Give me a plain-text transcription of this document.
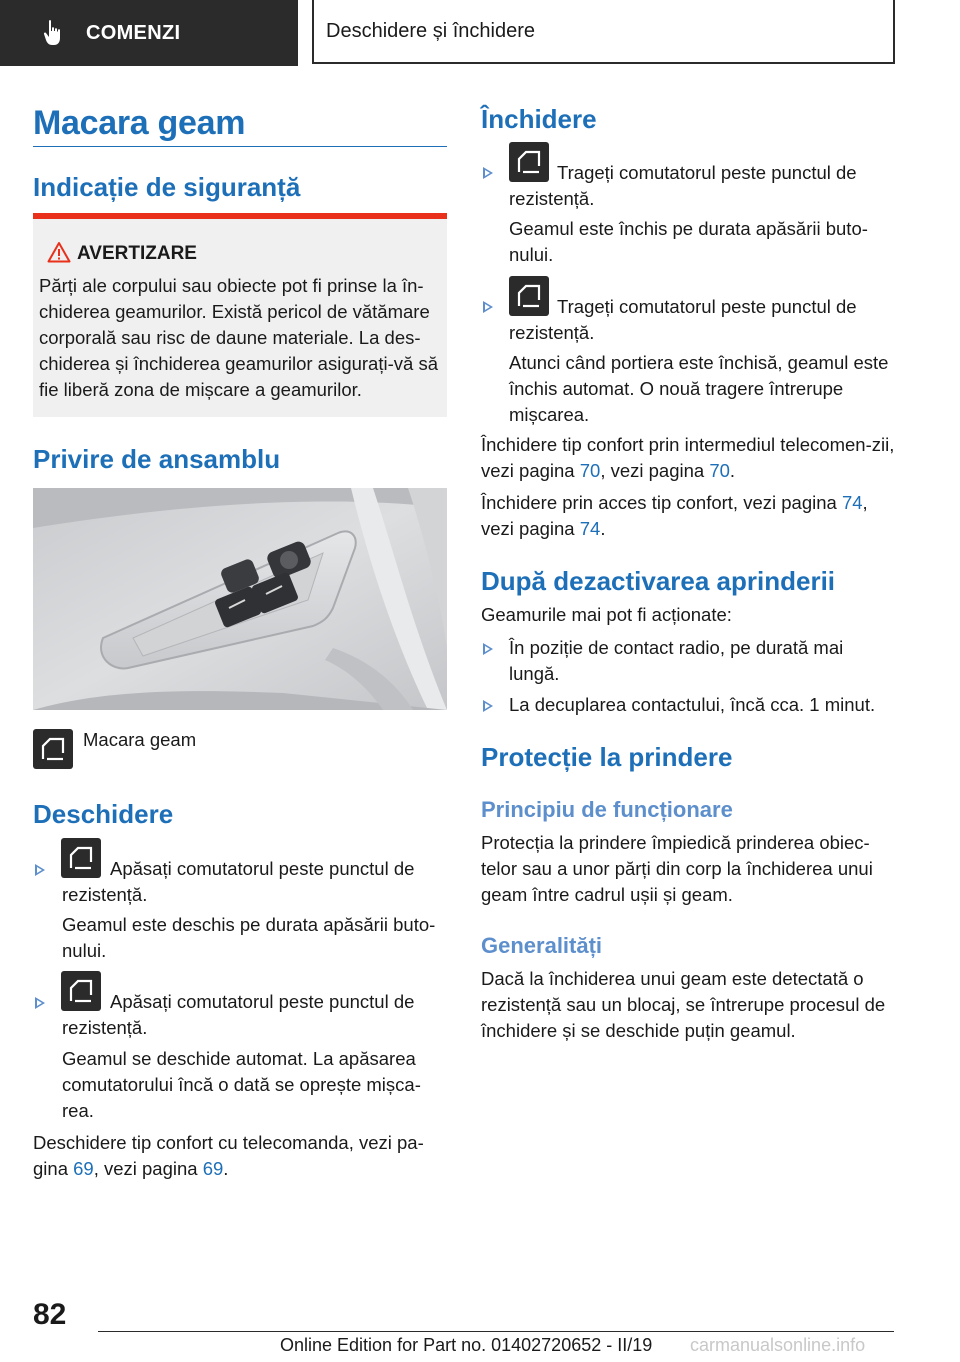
COMENZI	Deschidere și închidere
Macara geam
Indicație de siguranță
AVERTIZARE
Părți ale corpului sau obiecte pot fi prinse la în-chiderea geamurilor. Există pericol de vătămare corporală sau risc de daune materiale. La des-chiderea și închiderea geamurilor asigurați-vă să fie liberă zona de mișcare a geamurilor.
Privire de ansamblu
Macara geam
Deschidere
Apăsați comutatorul peste punctul de rezistență.
Geamul este deschis pe durata apăsării buto-nului.
Apăsați comutatorul peste punctul de rezistență.
Geamul se deschide automat. La apăsarea comutatorului încă o dată se oprește mișca-rea.
Deschidere tip confort cu telecomanda, vezi pa-gina 69, vezi pagina 69.
Închidere
Trageți comutatorul peste punctul de rezistență.
Geamul este închis pe durata apăsării buto-nului.
Trageți comutatorul peste punctul de rezistență.
Atunci când portiera este închisă, geamul este închis automat. O nouă tragere întrerupe mișcarea.
Închidere tip confort prin intermediul telecomen-zii, vezi pagina 70, vezi pagina 70.
Închidere prin acces tip confort, vezi pagina 74, vezi pagina 74.
După dezactivarea aprinderii
Geamurile mai pot fi acționate:
În poziție de contact radio, pe durată mai lungă.
La decuplarea contactului, încă cca. 1 minut.
Protecție la prindere
Principiu de funcționare
Protecția la prindere împiedică prinderea obiec-telor sau a unor părți din corp la închiderea unui geam între cadrul ușii și geam.
Generalități
Dacă la închiderea unui geam este detectată o rezistență sau un blocaj, se întrerupe procesul de închidere și se deschide puțin geamul.
82
Online Edition for Part no. 01402720652 - II/19 carmanualsonline.info
